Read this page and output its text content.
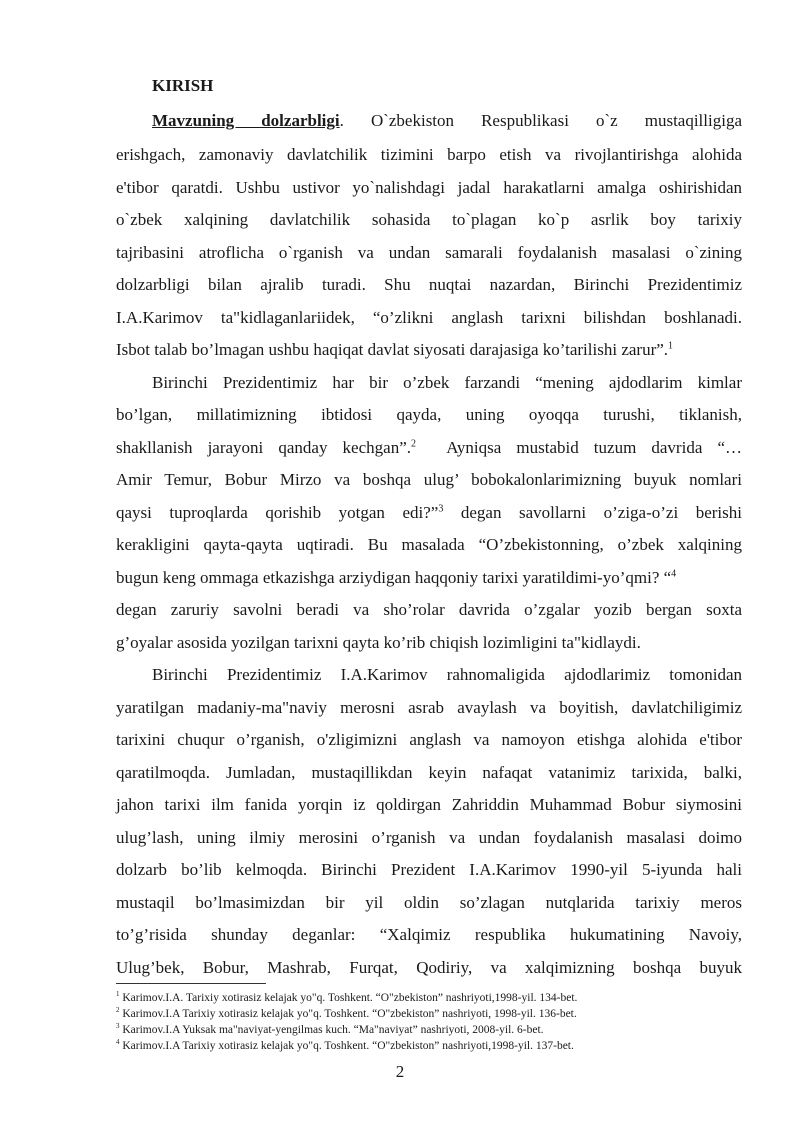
KIRISH

Mavzuning dolzarbligi. O`zbekiston Respublikasi o`z mustaqilligiga

erishgach, zamonaviy davlatchilik tizimini barpo etish va rivojlantirishga alohida

e'tibor qaratdi. Ushbu ustivor yo`nalishdagi jadal harakatlarni amalga oshirishidan

o`zbek xalqining davlatchilik sohasida to`plagan ko`p asrlik boy tarixiy

tajribasini atroflicha o`rganish va undan samarali foydalanish masalasi o`zining

dolzarbligi bilan ajralib turadi. Shu nuqtai nazardan, Birinchi Prezidentimiz

I.A.Karimov ta"kidlaganlariidek, “o’zlikni anglash tarixni bilishdan boshlanadi.

Isbot talab bo’lmagan ushbu haqiqat davlat siyosati darajasiga ko’tarilishi zarur”.$^1$

Birinchi Prezidentimiz har bir o’zbek farzandi “mening ajdodlarim kimlar

bo’lgan, millatimizning ibtidosi qayda, uning oyoqqa turushi, tiklanish,

shakllanish jarayoni qanday kechgan”.$^2$ Ayniqsa mustabid tuzum davrida “…

Amir Temur, Bobur Mirzo va boshqa ulug’ bobokalonlarimizning buyuk nomlari

qaysi tuproqlarda qorishib yotgan edi?”$^3$ degan savollarni o’ziga-o’zi berishi

kerakligini qayta-qayta uqtiradi. Bu masalada “O’zbekistonning, o’zbek xalqining

bugun keng ommaga etkazishga arziydigan haqqoniy tarixi yaratildimi-yo’qmi? “$^4$

degan zaruriy savolni beradi va sho’rolar davrida o’zgalar yozib bergan soxta

g’oyalar asosida yozilgan tarixni qayta ko’rib chiqish lozimligini ta"kidlaydi.

Birinchi Prezidentimiz I.A.Karimov rahnomaligida ajdodlarimiz tomonidan

yaratilgan madaniy-ma"naviy merosni asrab avaylash va boyitish, davlatchiligimiz

tarixini chuqur o’rganish, o'zligimizni anglash va namoyon etishga alohida e'tibor

qaratilmoqda. Jumladan, mustaqillikdan keyin nafaqat vatanimiz tarixida, balki,

jahon tarixi ilm fanida yorqin iz qoldirgan Zahriddin Muhammad Bobur siymosini

ulug’lash, uning ilmiy merosini o’rganish va undan foydalanish masalasi doimo

dolzarb bo’lib kelmoqda. Birinchi Prezident I.A.Karimov 1990-yil 5-iyunda hali

mustaqil bo’lmasimizdan bir yil oldin so’zlagan nutqlarida tarixiy meros

to’g’risida shunday deganlar: “Xalqimiz respublika hukumatining Navoiy,

Ulug’bek, Bobur, Mashrab, Furqat, Qodiriy, va xalqimizning boshqa buyuk

$^1$ Karimov.I.A. Tarixiy xotirasiz kelajak yo"q. Toshkent. “O"zbekiston” nashriyoti,1998-yil. 134-bet.

$^2$ Karimov.I.A Tarixiy xotirasiz kelajak yo"q. Toshkent. “O"zbekiston” nashriyoti, 1998-yil. 136-bet.

$^3$ Karimov.I.A Yuksak ma"naviyat-yengilmas kuch. “Ma"naviyat” nashriyoti, 2008-yil. 6-bet.

$^4$ Karimov.I.A Tarixiy xotirasiz kelajak yo"q. Toshkent. “O"zbekiston” nashriyoti,1998-yil. 137-bet.

2
